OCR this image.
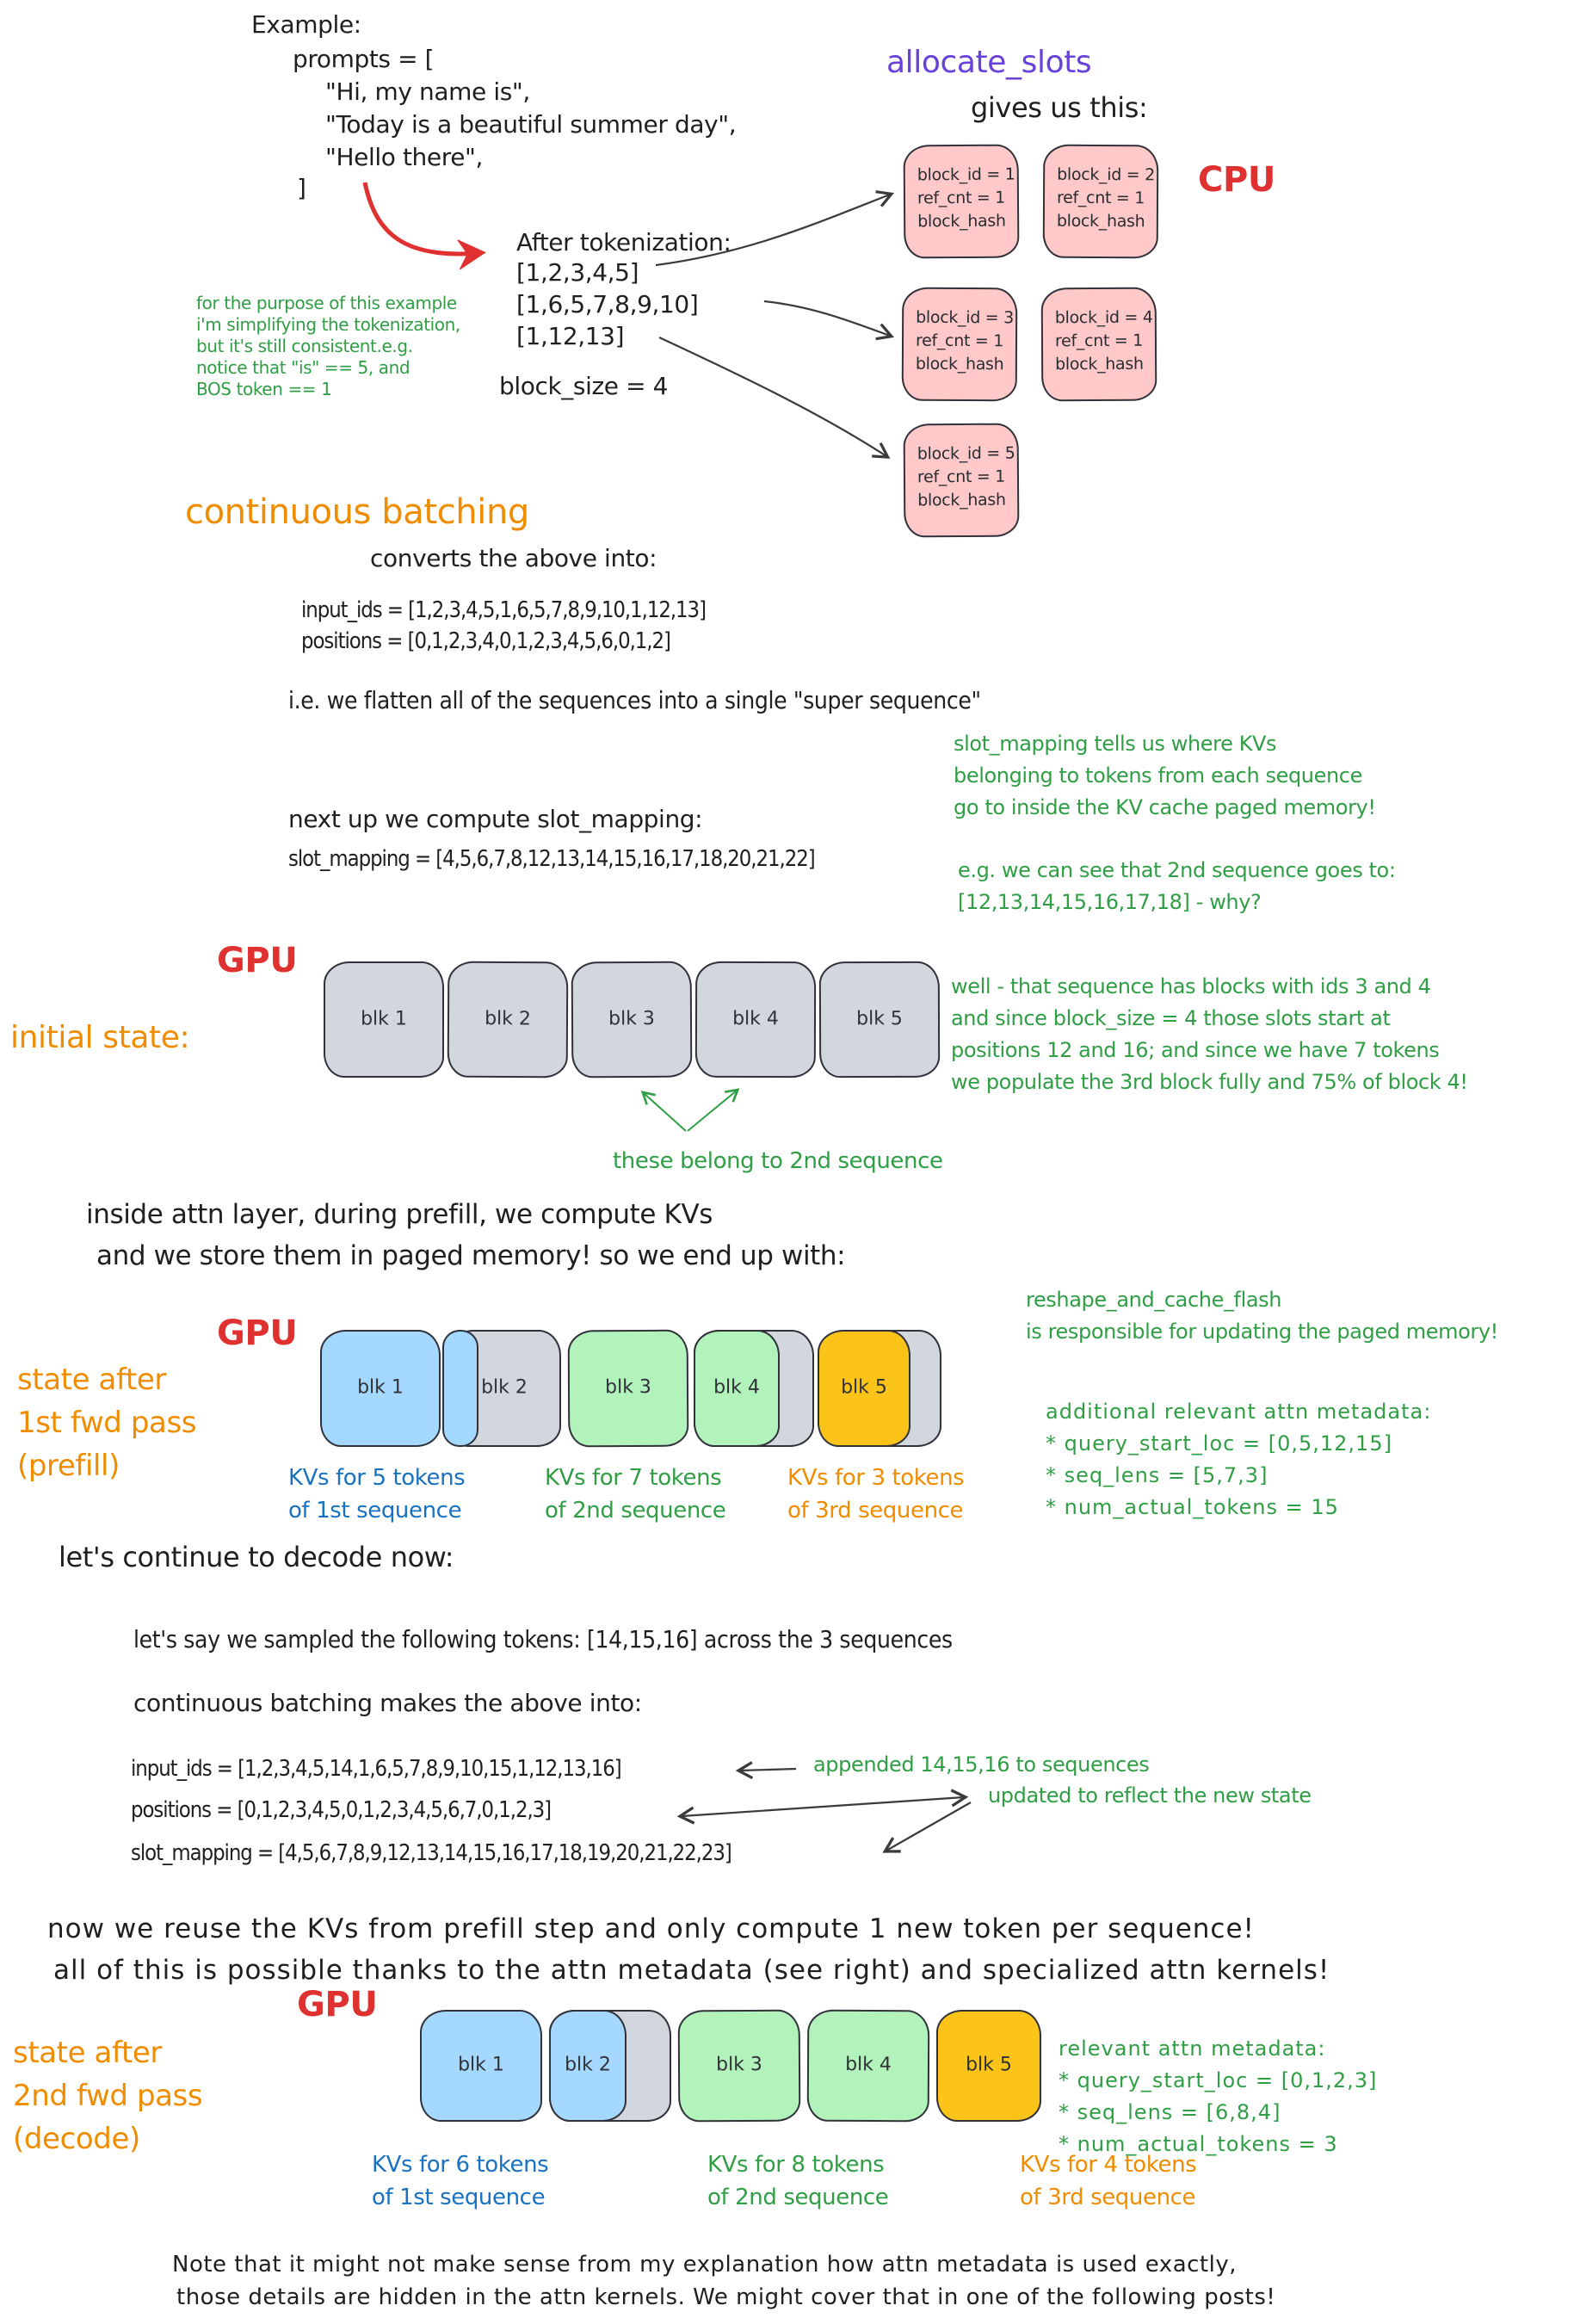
Example:
prompts = [
"Hi, my name is",
"Today is a beautiful summer day",
"Hello there",
]
allocate_slots
gives us this:
CPU
block_id = 1
ref_cnt = 1
block_hash
block_id = 2
ref_cnt = 1
block_hash
block_id = 3
ref_cnt = 1
block_hash
block_id = 4
ref_cnt = 1
block_hash
block_id = 5
ref_cnt = 1
block_hash
After tokenization:
[1,2,3,4,5]
[1,6,5,7,8,9,10]
[1,12,13]
block_size = 4
for the purpose of this example
i'm simplifying the tokenization,
but it's still consistent.e.g.
notice that "is" == 5, and
BOS token == 1
continuous batching
converts the above into:
input_ids = [1,2,3,4,5,1,6,5,7,8,9,10,1,12,13]
positions = [0,1,2,3,4,0,1,2,3,4,5,6,0,1,2]
i.e. we flatten all of the sequences into a single "super sequence"
slot_mapping tells us where KVs
belonging to tokens from each sequence
go to inside the KV cache paged memory!
next up we compute slot_mapping:
slot_mapping = [4,5,6,7,8,12,13,14,15,16,17,18,20,21,22]	e.g. we can see that 2nd sequence goes to:
[12,13,14,15,16,17,18] - why?
GPU
initial state:
blk 1	blk 2	blk 3	blk 4	blk 5
well - that sequence has blocks with ids 3 and 4
and since block_size = 4 those slots start at
positions 12 and 16; and since we have 7 tokens
we populate the 3rd block fully and 75% of block 4!
these belong to 2nd sequence
inside attn layer, during prefill, we compute KVs
and we store them in paged memory! so we end up with:
GPU
state after
1st fwd pass
(prefill)
blk 1	blk 2	blk 3	blk 4	blk 5
KVs for 5 tokens
of 1st sequence
KVs for 7 tokens
of 2nd sequence
KVs for 3 tokens
of 3rd sequence
reshape_and_cache_flash
is responsible for updating the paged memory!
additional relevant attn metadata:
* query_start_loc = [0,5,12,15]
* seq_lens = [5,7,3]
* num_actual_tokens = 15
let's continue to decode now:
let's say we sampled the following tokens: [14,15,16] across the 3 sequences
continuous batching makes the above into:
input_ids = [1,2,3,4,5,14,1,6,5,7,8,9,10,15,1,12,13,16]
positions = [0,1,2,3,4,5,0,1,2,3,4,5,6,7,0,1,2,3]
slot_mapping = [4,5,6,7,8,9,12,13,14,15,16,17,18,19,20,21,22,23]
appended 14,15,16 to sequences
updated to reflect the new state
now we reuse the KVs from prefill step and only compute 1 new token per sequence!
all of this is possible thanks to the attn metadata (see right) and specialized attn kernels!
GPU
state after
2nd fwd pass
(decode)
blk 1	blk 2	blk 3	blk 4	blk 5
KVs for 6 tokens
of 1st sequence
KVs for 8 tokens
of 2nd sequence
KVs for 4 tokens
of 3rd sequence
relevant attn metadata:
* query_start_loc = [0,1,2,3]
* seq_lens = [6,8,4]
* num_actual_tokens = 3
Note that it might not make sense from my explanation how attn metadata is used exactly,
those details are hidden in the attn kernels. We might cover that in one of the following posts!
